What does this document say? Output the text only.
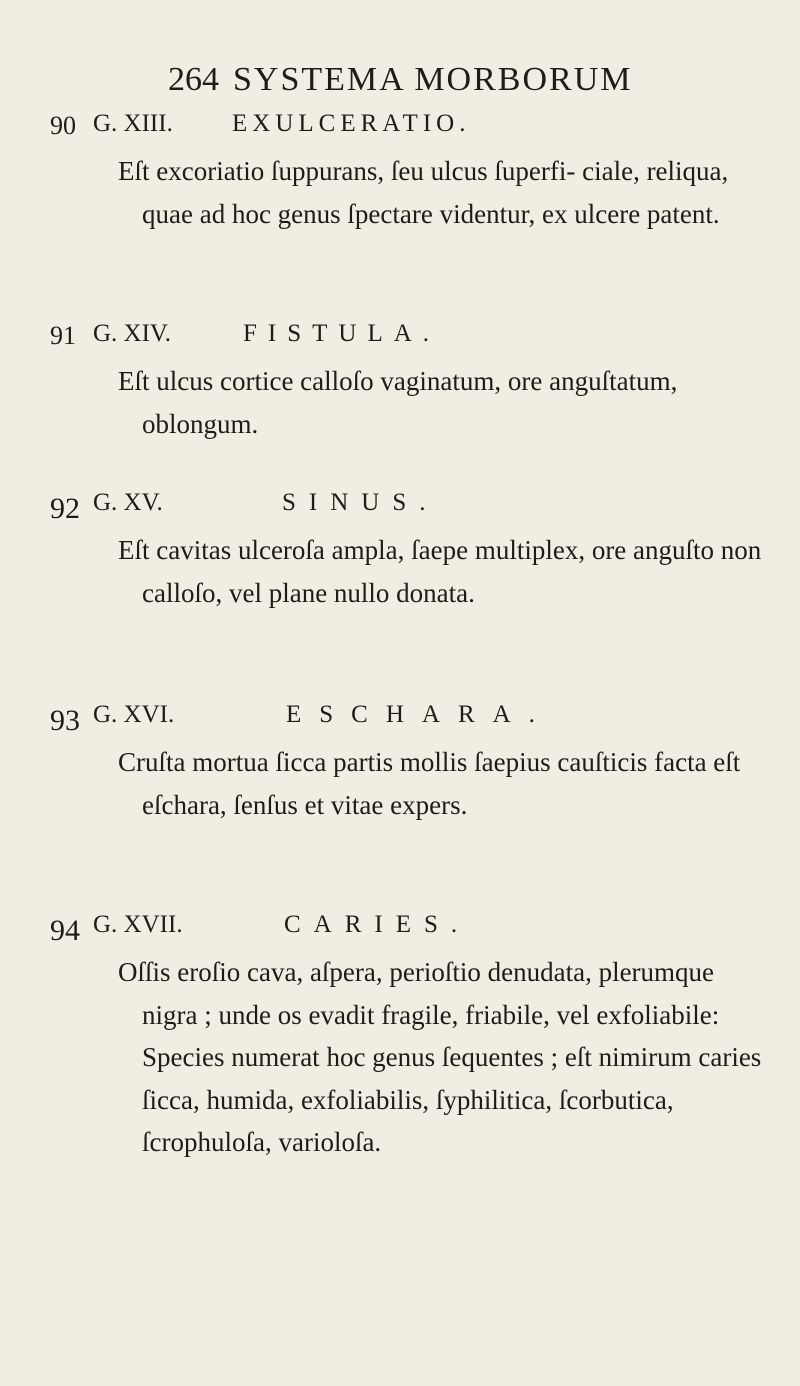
264 SYSTEMA MORBORUM
90 G. XIII. EXULCERATIO.

Eſt excoriatio ſuppurans, ſeu ulcus ſuperfi- ciale, reliqua, quae ad hoc genus ſpectare videntur, ex ulcere patent.

91 G. XIV.	FISTULA.

Eſt ulcus cortice calloſo vaginatum, ore anguſtatum, oblongum.

92 G. XV.	SINUS.

Eſt cavitas ulceroſa ampla, ſaepe multiplex, ore anguſto non calloſo, vel plane nullo donata.

93 G. XVI.	ESCHARA.

Cruſta mortua ſicca partis mollis ſaepius cauſticis facta eſt eſchara, ſenſus et vitae expers.

94 G. XVII.	CARIES.

Oſſis eroſio cava, aſpera, perioſtio denudata, plerumque nigra ; unde os evadit fragile, friabile, vel exfoliabile: Species numerat hoc genus ſequentes ; eſt nimirum caries ſicca, humida, exfoliabilis, ſyphilitica, ſcorbutica, ſcrophuloſa, varioloſa.
